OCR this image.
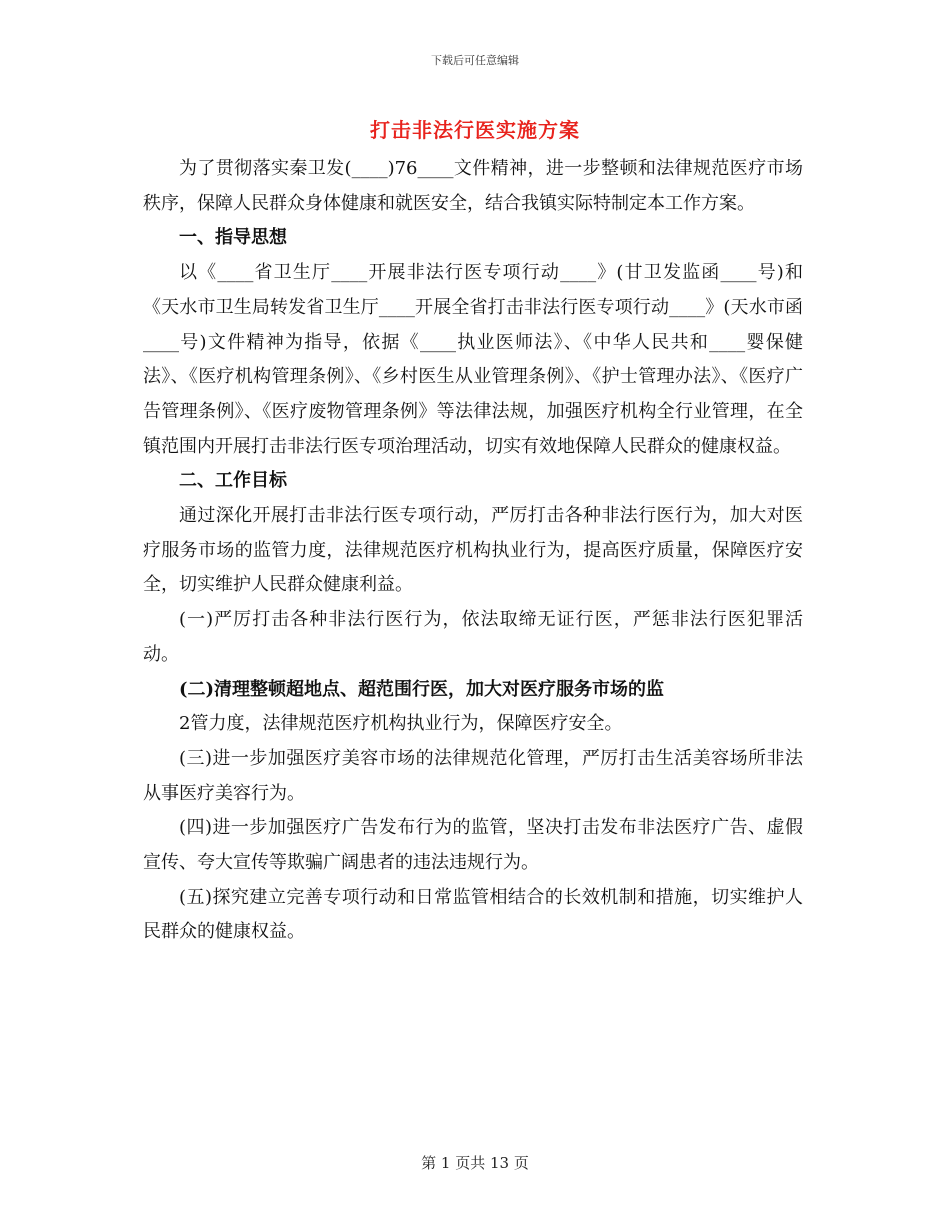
下载后可任意编辑
打击非法行医实施方案

为了贯彻落实秦卫发(____)76____文件精神，进一步整顿和法律规范医疗市场秩序，保障人民群众身体健康和就医安全，结合我镇实际特制定本工作方案。

一、指导思想

以《____省卫生厅____开展非法行医专项行动____》(甘卫发监函____号)和《天水市卫生局转发省卫生厅____开展全省打击非法行医专项行动____》(天水市函____号)文件精神为指导，依据《____执业医师法》、《中华人民共和____婴保健法》、《医疗机构管理条例》、《乡村医生从业管理条例》、《护士管理办法》、《医疗广告管理条例》、《医疗废物管理条例》等法律法规，加强医疗机构全行业管理，在全镇范围内开展打击非法行医专项治理活动，切实有效地保障人民群众的健康权益。

二、工作目标

通过深化开展打击非法行医专项行动，严厉打击各种非法行医行为，加大对医疗服务市场的监管力度，法律规范医疗机构执业行为，提高医疗质量，保障医疗安全，切实维护人民群众健康利益。

(一)严厉打击各种非法行医行为，依法取缔无证行医，严惩非法行医犯罪活动。

(二)清理整顿超地点、超范围行医，加大对医疗服务市场的监

2管力度，法律规范医疗机构执业行为，保障医疗安全。

(三)进一步加强医疗美容市场的法律规范化管理，严厉打击生活美容场所非法从事医疗美容行为。

(四)进一步加强医疗广告发布行为的监管，坚决打击发布非法医疗广告、虚假宣传、夸大宣传等欺骗广阔患者的违法违规行为。

(五)探究建立完善专项行动和日常监管相结合的长效机制和措施，切实维护人民群众的健康权益。

第 1 页共 13 页
